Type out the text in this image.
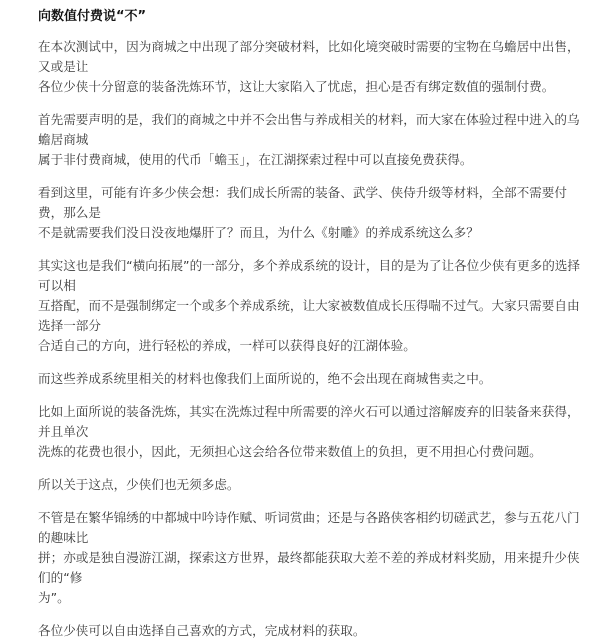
向数值付费说“不”

在本次测试中，因为商城之中出现了部分突破材料，比如化境突破时需要的宝物在乌蟾居中出售，又或是让
各位少侠十分留意的装备洗炼环节，这让大家陷入了忧虑，担心是否有绑定数值的强制付费。

首先需要声明的是，我们的商城之中并不会出售与养成相关的材料，而大家在体验过程中进入的乌蟾居商城
属于非付费商城，使用的代币「蟾玉」，在江湖探索过程中可以直接免费获得。

看到这里，可能有许多少侠会想：我们成长所需的装备、武学、侠侍升级等材料，全部不需要付费，那么是
不是就需要我们没日没夜地爆肝了？而且，为什么《射雕》的养成系统这么多？

其实这也是我们“横向拓展”的一部分，多个养成系统的设计，目的是为了让各位少侠有更多的选择可以相
互搭配，而不是强制绑定一个或多个养成系统，让大家被数值成长压得喘不过气。大家只需要自由选择一部分
合适自己的方向，进行轻松的养成，一样可以获得良好的江湖体验。

而这些养成系统里相关的材料也像我们上面所说的，绝不会出现在商城售卖之中。

比如上面所说的装备洗炼，其实在洗炼过程中所需要的淬火石可以通过溶解废弃的旧装备来获得，并且单次
洗炼的花费也很小，因此，无须担心这会给各位带来数值上的负担，更不用担心付费问题。

所以关于这点，少侠们也无须多虑。

不管是在繁华锦绣的中都城中吟诗作赋、听词赏曲；还是与各路侠客相约切磋武艺，参与五花八门的趣味比
拼；亦或是独自漫游江湖，探索这方世界，最终都能获取大差不差的养成材料奖励，用来提升少侠们的“修
为”。

各位少侠可以自由选择自己喜欢的方式，完成材料的获取。
